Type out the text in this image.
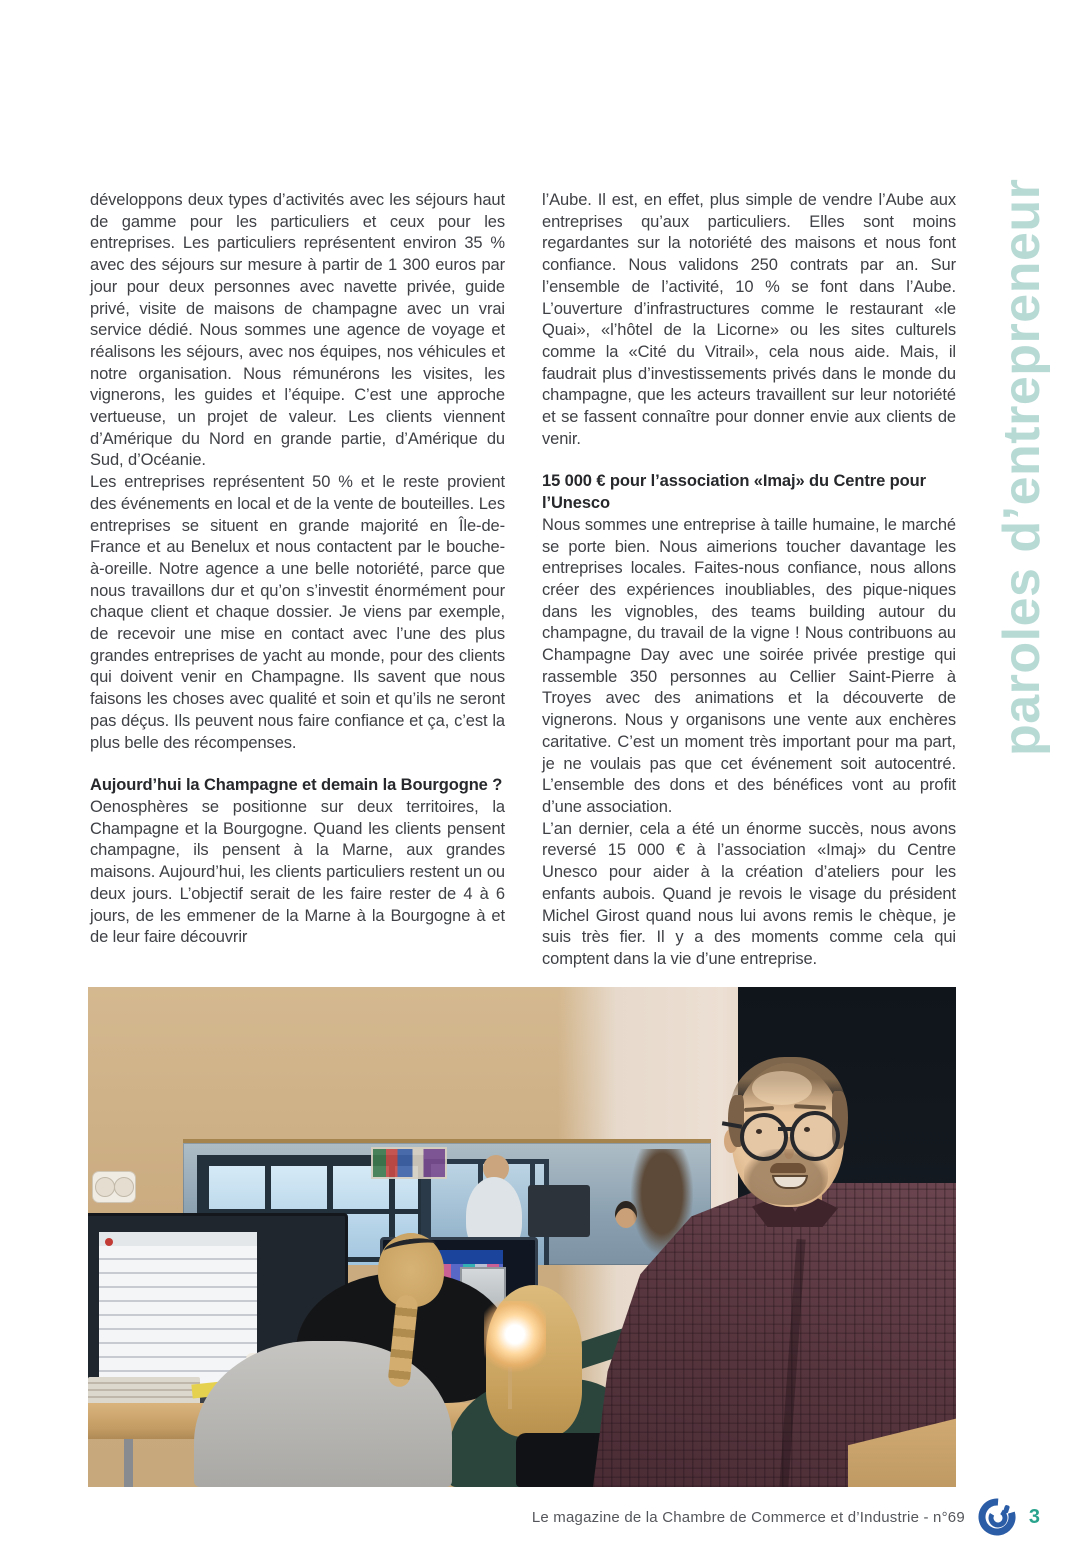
paroles d’entrepreneur

développons deux types d’activités avec les séjours haut de gamme pour les particuliers et ceux pour les entreprises. Les particuliers représentent environ 35 % avec des séjours sur mesure à partir de 1 300 euros par jour pour deux personnes avec navette privée, guide privé, visite de maisons de champagne avec un vrai service dédié. Nous sommes une agence de voyage et réalisons les séjours, avec nos équipes, nos véhicules et notre organisation. Nous rémunérons les visites, les vignerons, les guides et l’équipe. C’est une approche vertueuse, un projet de valeur. Les clients viennent d’Amérique du Nord en grande partie, d’Amérique du Sud, d’Océanie.

Les entreprises représentent 50 % et le reste provient des événements en local et de la vente de bouteilles. Les entreprises se situent en grande majorité en Île-de-France et au Benelux et nous contactent par le bouche-à-oreille. Notre agence a une belle notoriété, parce que nous travaillons dur et qu’on s’investit énormément pour chaque client et chaque dossier. Je viens par exemple, de recevoir une mise en contact avec l’une des plus grandes entreprises de yacht au monde, pour des clients qui doivent venir en Champagne. Ils savent que nous faisons les choses avec qualité et soin et qu’ils ne seront pas déçus. Ils peuvent nous faire confiance et ça, c’est la plus belle des récompenses.

Aujourd’hui la Champagne et demain la Bourgogne ?

Oenosphères se positionne sur deux territoires, la Champagne et la Bourgogne. Quand les clients pensent champagne, ils pensent à la Marne, aux grandes maisons. Aujourd’hui, les clients particuliers restent un ou deux jours. L’objectif serait de les faire rester de 4 à 6 jours, de les emmener de la Marne à la Bourgogne à et de leur faire découvrir

l’Aube. Il est, en effet, plus simple de vendre l’Aube aux entreprises qu’aux particuliers. Elles sont moins regardantes sur la notoriété des maisons et nous font confiance. Nous validons 250 contrats par an. Sur l’ensemble de l’activité, 10 % se font dans l’Aube. L’ouverture d’infrastructures comme le restaurant «le Quai», «l’hôtel de la Licorne» ou les sites culturels comme la «Cité du Vitrail», cela nous aide. Mais, il faudrait plus d’investissements privés dans le monde du champagne, que les acteurs travaillent sur leur notoriété et se fassent connaître pour donner envie aux clients de venir.

15 000 € pour l’association «Imaj» du Centre pour l’Unesco

Nous sommes une entreprise à taille humaine, le marché se porte bien. Nous aimerions toucher davantage les entreprises locales. Faites-nous confiance, nous allons créer des expériences inoubliables, des pique-niques dans les vignobles, des teams building autour du champagne, du travail de la vigne ! Nous contribuons au Champagne Day avec une soirée privée prestige qui rassemble 350 personnes au Cellier Saint-Pierre à Troyes avec des animations et la découverte de vignerons. Nous y organisons une vente aux enchères caritative. C’est un moment très important pour ma part, je ne voulais pas que cet événement soit autocentré. L’ensemble des dons et des bénéfices vont au profit d’une association.

L’an dernier, cela a été un énorme succès, nous avons reversé 15 000 € à l’association «Imaj» du Centre Unesco pour aider à la création d’ateliers pour les enfants aubois. Quand je revois le visage du président Michel Girost quand nous lui avons remis le chèque, je suis très fier. Il y a des moments comme cela qui comptent dans la vie d’une entreprise.

Le magazine de la Chambre de Commerce et d’Industrie - n°69	3
